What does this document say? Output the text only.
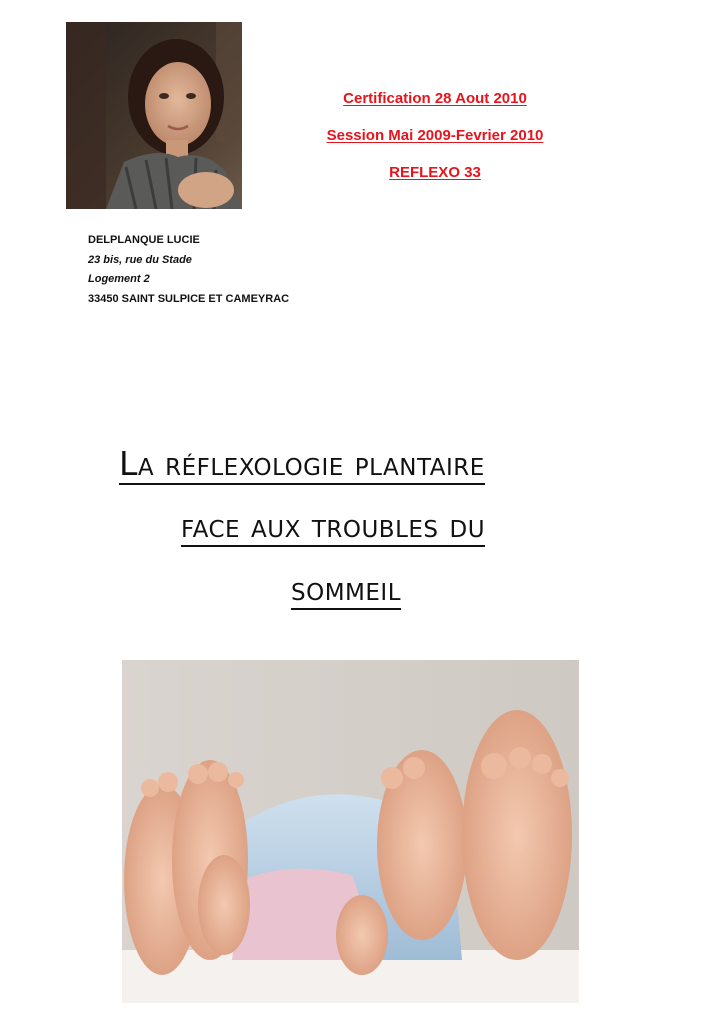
Certification 28 Aout 2010
Session Mai 2009-Fevrier 2010
REFLEXO 33
DELPLANQUE LUCIE
23 bis, rue du Stade
Logement 2
33450 SAINT SULPICE ET CAMEYRAC
La réflexologie plantaire
face aux troubles du
sommeil
